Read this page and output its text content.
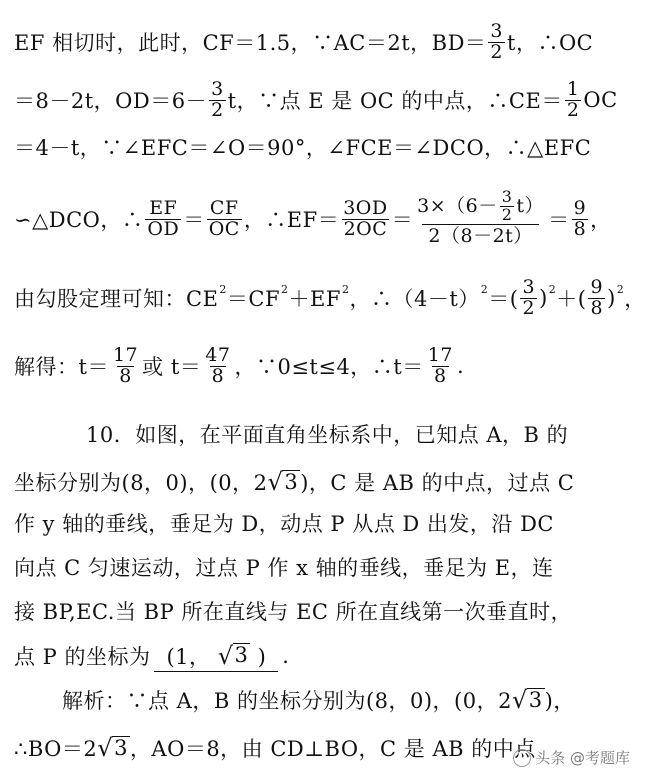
EF 相切时，此时，CF＝1.5，∵AC＝2t，$BD= \frac{3}{2}$ t，∴OC
＝8－2t，$OD=6- \frac{3}{2}$ t，∵点 E 是 OC 的中点，∴CE＝ $\frac{1}{2}$ OC
＝4－t，∵∠EFC＝∠O＝90°，∠FCE＝∠DCO，∴△EFC
∽△DCO，∴ $\frac{EF}{OD} = \frac{CF}{OC}$ ，∴EF＝ $\frac{3OD}{2OC} = \frac{3\times(6- \frac{3}{2} t)}{2(8-2t)} = \frac{9}{8}$ ，
由勾股定理可知：CE 2 ＝CF 2 ＋EF 2 ，∴（4－t） 2 ＝( $\frac{3}{2}$ ) 2 ＋( $\frac{9}{8}$ ) 2 ，
解得：$t= \frac{17}{8}$ 或 $t= \frac{47}{8}$ ，∵0≤t≤4，∴t＝ $\frac{17}{8}$ .
10．如图，在平面直角坐标系中，已知点 A，B 的
坐标分别为(8，0)，(0，2 √ 3 )，C 是 AB 的中点，过点 C
作 y 轴的垂线，垂足为 D，动点 P 从点 D 出发，沿 DC
向点 C 匀速运动，过点 P 作 x 轴的垂线，垂足为 E，连
接 BP,EC.当 BP 所在直线与 EC 所在直线第一次垂直时，
点 P 的坐标为 (1， √ 3 ) .
解析：∵点 A，B 的坐标分别为(8，0)，(0，2 √ 3 )，
∴BO＝2 √ 3 ，AO＝8，由 CD⊥BO，C 是 AB 的中点 头条 @考题库
